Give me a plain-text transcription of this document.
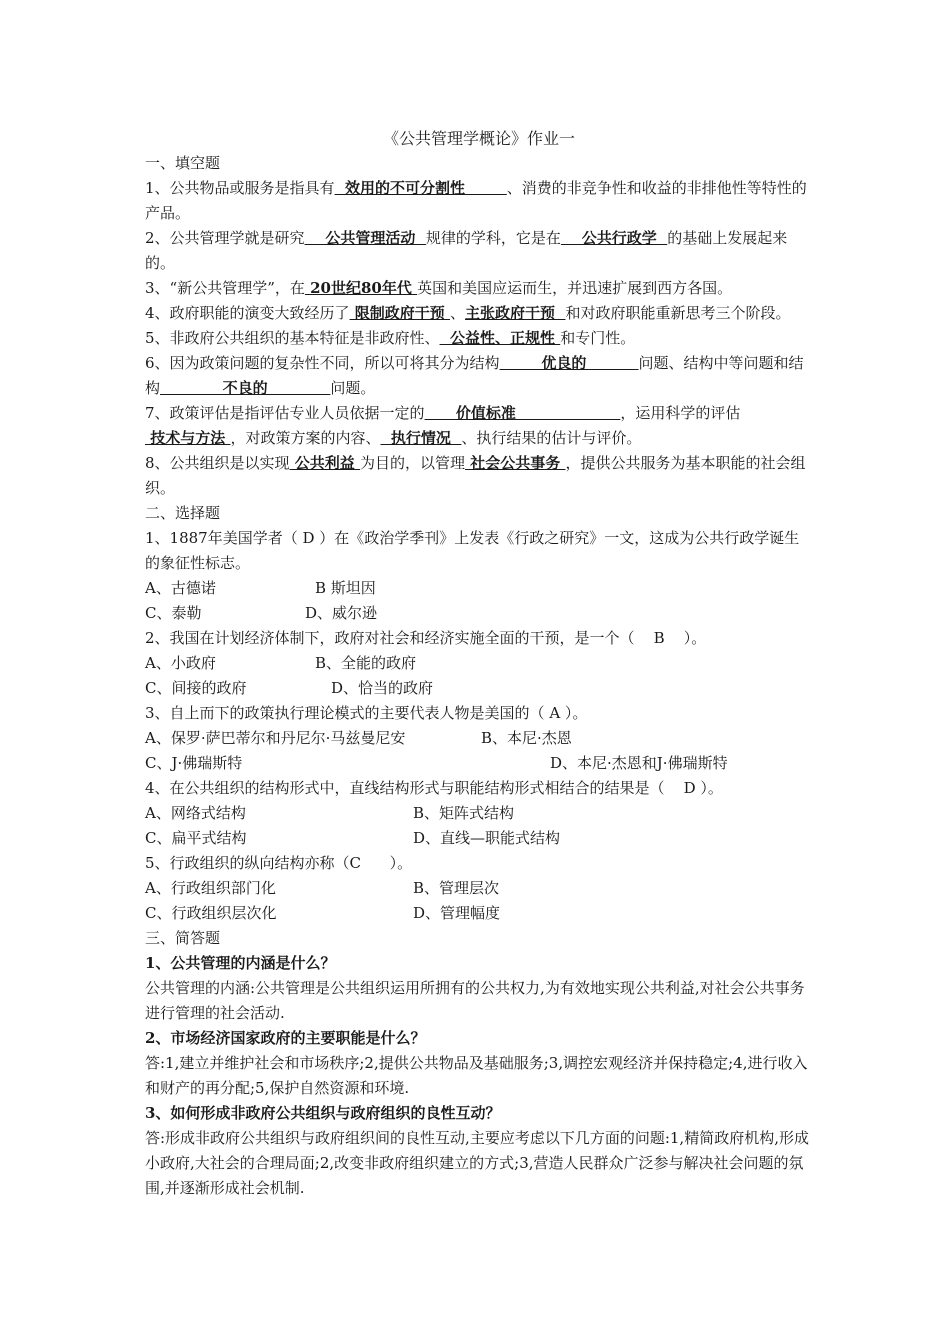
《公共管理学概论》作业一

一、填空题

1、公共物品或服务是指具有  效用的不可分割性        、消费的非竞争性和收益的非排他性等特性的产品。

2、公共管理学就是研究    公共管理活动  规律的学科，它是在    公共行政学  的基础上发展起来的。

3、“新公共管理学”，在 20世纪80年代 英国和美国应运而生，并迅速扩展到西方各国。

4、政府职能的演变大致经历了 限制政府干预 、主张政府干预  和对政府职能重新思考三个阶段。

5、非政府公共组织的基本特征是非政府性、  公益性、正规性 和专门性。

6、因为政策问题的复杂性不同，所以可将其分为结构        优良的          问题、结构中等问题和结构            不良的            问题。

7、政策评估是指评估专业人员依据一定的      价值标准                    ，运用科学的评估 技术与方法 ，对政策方案的内容、  执行情况  、执行结果的估计与评价。

8、公共组织是以实现 公共利益 为目的，以管理 社会公共事务 ，提供公共服务为基本职能的社会组织。

二、选择题

1、1887年美国学者（ D ）在《政治学季刊》上发表《行政之研究》一文，这成为公共行政学诞生的象征性标志。

A、古德诺	B 斯坦因
C、泰勒	D、威尔逊

2、我国在计划经济体制下，政府对社会和经济实施全面的干预，是一个（    B    ）。

A、小政府	B、全能的政府
C、间接的政府	D、恰当的政府

3、自上而下的政策执行理论模式的主要代表人物是美国的（ A ）。

A、保罗·萨巴蒂尔和丹尼尔·马兹曼尼安	B、本尼·杰恩
C、J·佛瑞斯特	D、本尼·杰恩和J·佛瑞斯特

4、在公共组织的结构形式中，直线结构形式与职能结构形式相结合的结果是（    D ）。

A、网络式结构	B、矩阵式结构
C、扁平式结构	D、直线—职能式结构

5、行政组织的纵向结构亦称（C      ）。

A、行政组织部门化	B、管理层次
C、行政组织层次化	D、管理幅度

三、简答题

1、公共管理的内涵是什么？

公共管理的内涵:公共管理是公共组织运用所拥有的公共权力,为有效地实现公共利益,对社会公共事务进行管理的社会活动.

2、市场经济国家政府的主要职能是什么？

答:1,建立并维护社会和市场秩序;2,提供公共物品及基础服务;3,调控宏观经济并保持稳定;4,进行收入和财产的再分配;5,保护自然资源和环境.

3、如何形成非政府公共组织与政府组织的良性互动？

答:形成非政府公共组织与政府组织间的良性互动,主要应考虑以下几方面的问题:1,精简政府机构,形成小政府,大社会的合理局面;2,改变非政府组织建立的方式;3,营造人民群众广泛参与解决社会问题的氛围,并逐渐形成社会机制.
